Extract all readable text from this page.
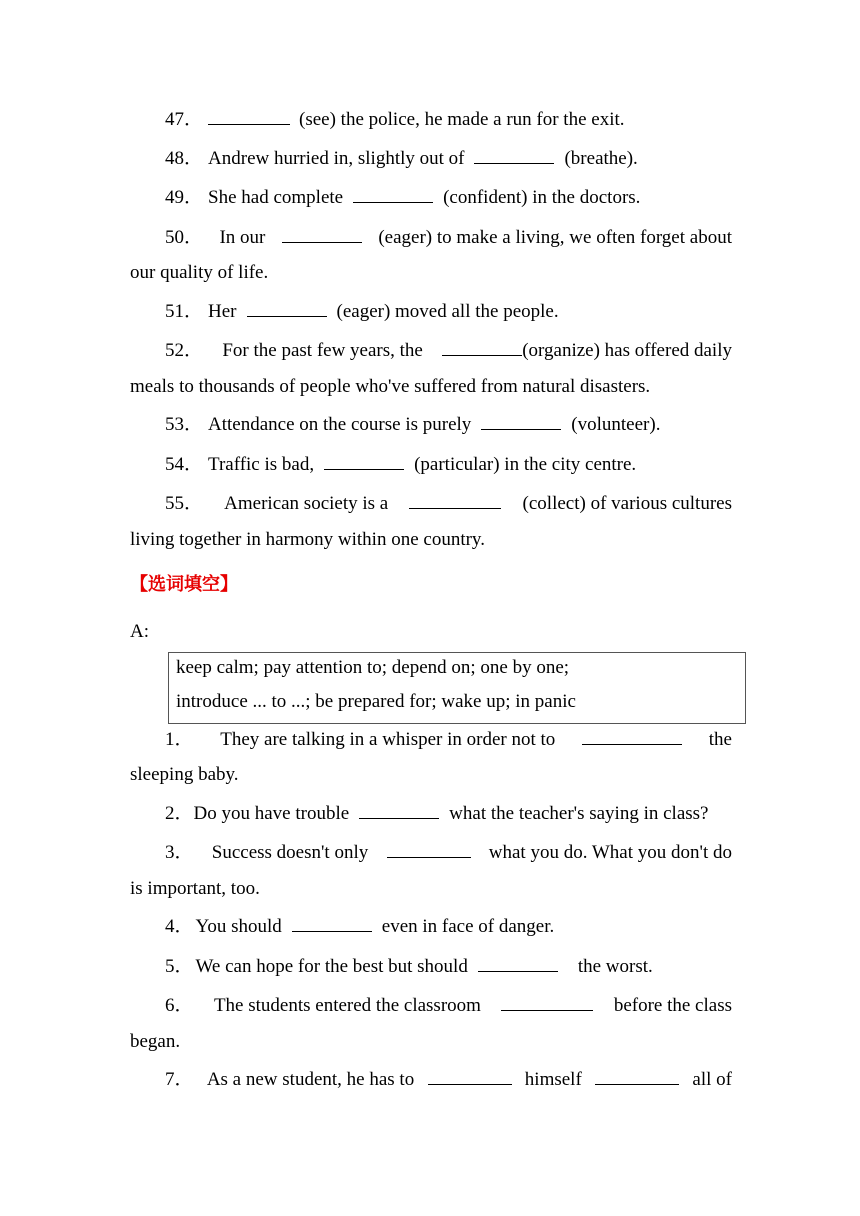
47．	(see) the police, he made a run for the exit.
48． Andrew hurried in, slightly out of	(breathe).
49． She had complete	(confident) in the doctors.
50． In our	(eager) to make a living, we often forget about
our quality of life.
51． Her	(eager) moved all the people.
52． For the past few years, the	(organize) has offered daily
meals to thousands of people who've suffered from natural disasters.
53． Attendance on the course is purely	(volunteer).
54． Traffic is bad,	(particular) in the city centre.
55． American society is a	(collect) of various cultures
living together in harmony within one country.
【选词填空】
A:
keep calm; pay attention to; depend on; one by one;
introduce ... to ...; be prepared for; wake up; in panic
1． They are talking in a whisper in order not to	the
sleeping baby.
2．Do you have trouble	what the teacher's saying in class?
3． Success doesn't only	what you do. What you don't do
is important, too.
4． You should	even in face of danger.
5． We can hope for the best but should	the worst.
6． The students entered the classroom	before the class
began.
7． As a new student, he has to	himself	all of
